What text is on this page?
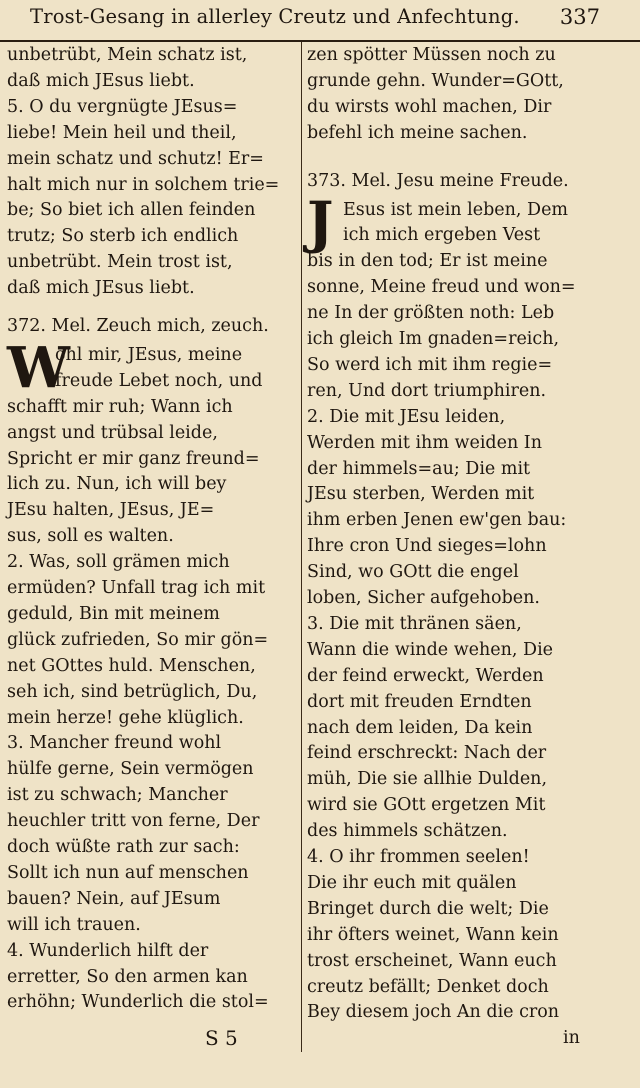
Trost-Gesang in allerley Creutz und Anfechtung. 337
unbetrübt, Mein schatz ist,
daß mich JEsus liebt.
5. O du vergnügte JEsus=
liebe! Mein heil und theil,
mein schatz und schutz! Er=
halt mich nur in solchem trie=
be; So biet ich allen feinden
trutz; So sterb ich endlich
unbetrübt. Mein trost ist,
daß mich JEsus liebt.
372. Mel. Zeuch mich, zeuch.
W
ohl mir, JEsus, meine
freude Lebet noch, und
schafft mir ruh; Wann ich
angst und trübsal leide,
Spricht er mir ganz freund=
lich zu. Nun, ich will bey
JEsu halten, JEsus, JE=
sus, soll es walten.
2. Was, soll grämen mich
ermüden? Unfall trag ich mit
geduld, Bin mit meinem
glück zufrieden, So mir gön=
net GOttes huld. Menschen,
seh ich, sind betrüglich, Du,
mein herze! gehe klüglich.
3. Mancher freund wohl
hülfe gerne, Sein vermögen
ist zu schwach; Mancher
heuchler tritt von ferne, Der
doch wüßte rath zur sach:
Sollt ich nun auf menschen
bauen? Nein, auf JEsum
will ich trauen.
4. Wunderlich hilft der
erretter, So den armen kan
erhöhn; Wunderlich die stol=
zen spötter Müssen noch zu
grunde gehn. Wunder=GOtt,
du wirsts wohl machen, Dir
befehl ich meine sachen.
373. Mel. Jesu meine Freude.
J Esus ist mein leben, Dem
ich mich ergeben Vest
bis in den tod; Er ist meine
sonne, Meine freud und won=
ne In der größten noth: Leb
ich gleich Im gnaden=reich,
So werd ich mit ihm regie=
ren, Und dort triumphiren.
2. Die mit JEsu leiden,
Werden mit ihm weiden In
der himmels=au; Die mit
JEsu sterben, Werden mit
ihm erben Jenen ew'gen bau:
Ihre cron Und sieges=lohn
Sind, wo GOtt die engel
loben, Sicher aufgehoben.
3. Die mit thränen säen,
Wann die winde wehen, Die
der feind erweckt, Werden
dort mit freuden Erndten
nach dem leiden, Da kein
feind erschreckt: Nach der
müh, Die sie allhie Dulden,
wird sie GOtt ergetzen Mit
des himmels schätzen.
4. O ihr frommen seelen!
Die ihr euch mit quälen
Bringet durch die welt; Die
ihr öfters weinet, Wann kein
trost erscheinet, Wann euch
creutz befällt; Denket doch
Bey diesem joch An die cron
S 5	in
